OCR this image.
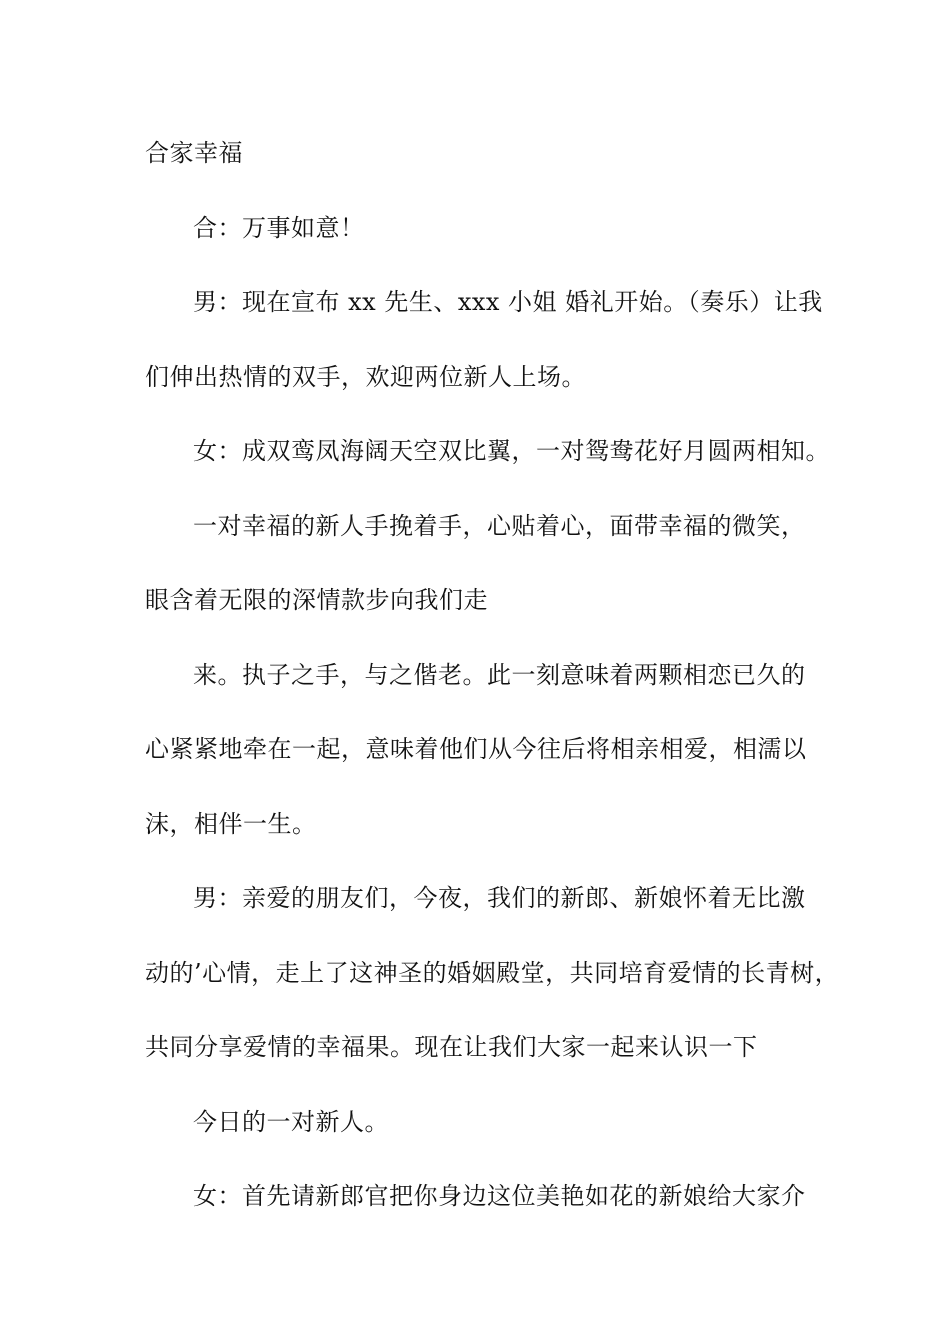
合家幸福
合：万事如意！
男：现在宣布 xx 先生、xxx 小姐 婚礼开始。（奏乐）让我
们伸出热情的双手，欢迎两位新人上场。
女：成双鸾凤海阔天空双比翼，一对鸳鸯花好月圆两相知。
一对幸福的新人手挽着手，心贴着心，面带幸福的微笑，
眼含着无限的深情款步向我们走
来。执子之手，与之偕老。此一刻意味着两颗相恋已久的
心紧紧地牵在一起，意味着他们从今往后将相亲相爱，相濡以
沫，相伴一生。
男：亲爱的朋友们，今夜，我们的新郎、新娘怀着无比激
动的’心情，走上了这神圣的婚姻殿堂，共同培育爱情的长青树，
共同分享爱情的幸福果。现在让我们大家一起来认识一下
今日的一对新人。
女：首先请新郎官把你身边这位美艳如花的新娘给大家介
